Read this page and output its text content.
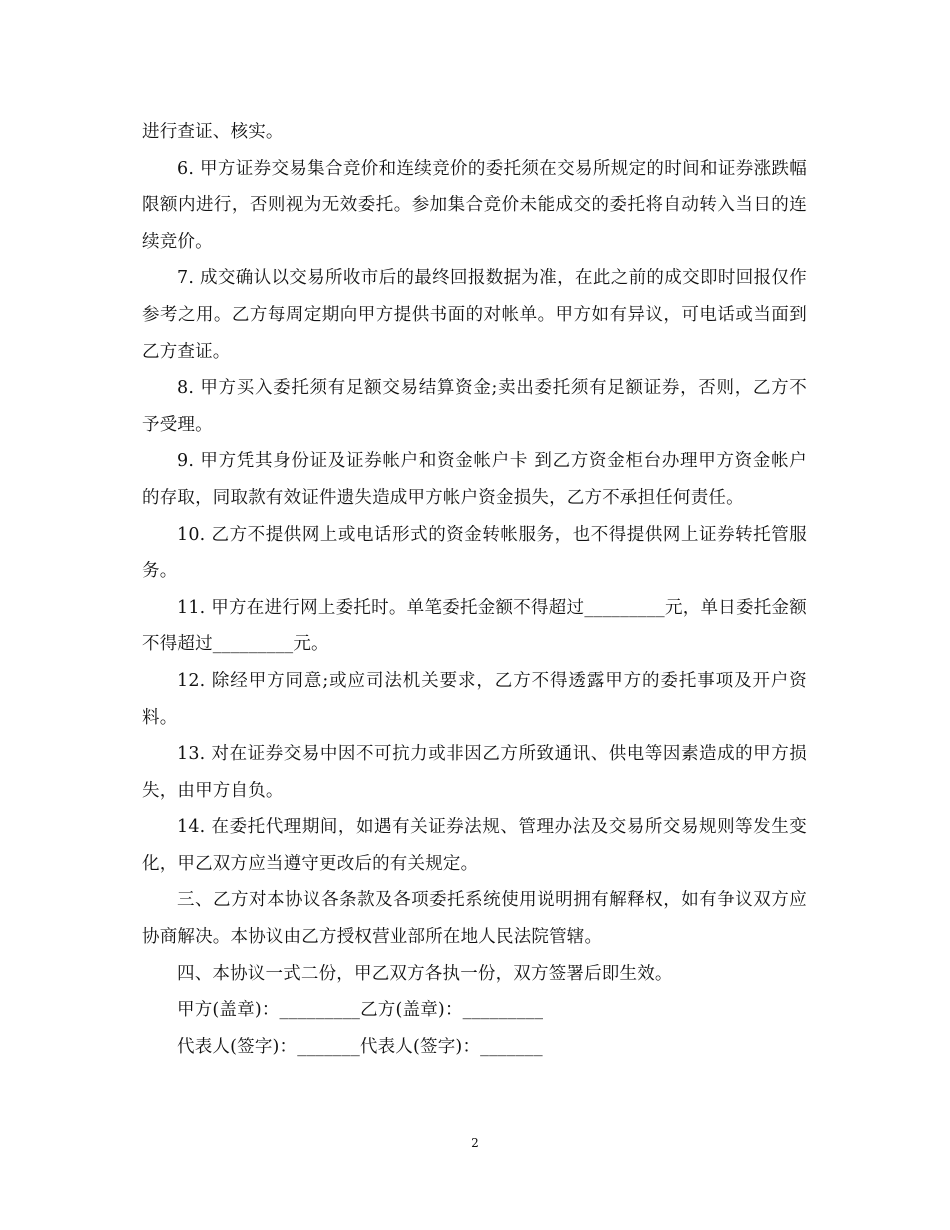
进行查证、核实。

6. 甲方证券交易集合竞价和连续竞价的委托须在交易所规定的时间和证券涨跌幅限额内进行，否则视为无效委托。参加集合竞价未能成交的委托将自动转入当日的连续竞价。

7. 成交确认以交易所收市后的最终回报数据为准，在此之前的成交即时回报仅作参考之用。乙方每周定期向甲方提供书面的对帐单。甲方如有异议，可电话或当面到乙方查证。

8. 甲方买入委托须有足额交易结算资金;卖出委托须有足额证券，否则，乙方不予受理。

9. 甲方凭其身份证及证券帐户和资金帐户卡 到乙方资金柜台办理甲方资金帐户的存取，同取款有效证件遗失造成甲方帐户资金损失，乙方不承担任何责任。

10. 乙方不提供网上或电话形式的资金转帐服务，也不得提供网上证券转托管服务。

11. 甲方在进行网上委托时。单笔委托金额不得超过_________元，单日委托金额不得超过_________元。

12. 除经甲方同意;或应司法机关要求，乙方不得透露甲方的委托事项及开户资料。

13. 对在证券交易中因不可抗力或非因乙方所致通讯、供电等因素造成的甲方损失，由甲方自负。

14. 在委托代理期间，如遇有关证券法规、管理办法及交易所交易规则等发生变化，甲乙双方应当遵守更改后的有关规定。

三、乙方对本协议各条款及各项委托系统使用说明拥有解释权，如有争议双方应协商解决。本协议由乙方授权营业部所在地人民法院管辖。

四、本协议一式二份，甲乙双方各执一份，双方签署后即生效。

甲方(盖章)：_________乙方(盖章)：_________

代表人(签字)：_______代表人(签字)：_______

2
